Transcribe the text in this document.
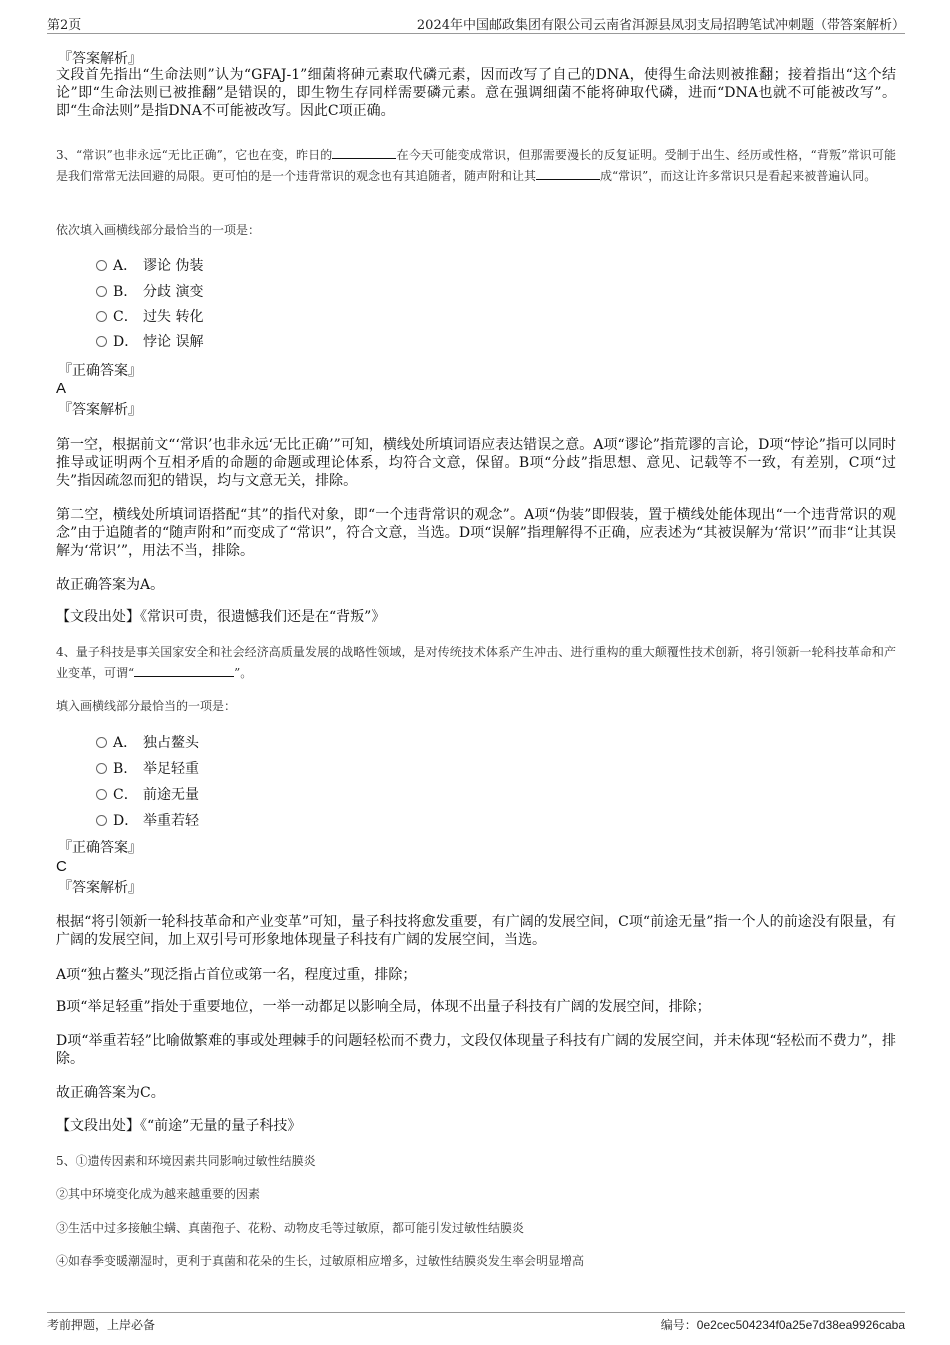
第2页	2024年中国邮政集团有限公司云南省洱源县凤羽支局招聘笔试冲刺题（带答案解析）
『答案解析』
文段首先指出“生命法则”认为“GFAJ-1”细菌将砷元素取代磷元素，因而改写了自己的DNA，使得生命法则被推翻；接着指出“这个结论”即“生命法则已被推翻”是错误的，即生物生存同样需要磷元素。意在强调细菌不能将砷取代磷，进而“DNA也就不可能被改写”。即“生命法则”是指DNA不可能被改写。因此C项正确。
3、“常识”也非永远“无比正确”，它也在变，昨日的	在今天可能变成常识，但那需要漫长的反复证明。受制于出生、经历或性格，“背叛”常识可能是我们常常无法回避的局限。更可怕的是一个违背常识的观念也有其追随者，随声附和让其	成“常识”，而这让许多常识只是看起来被普遍认同。
依次填入画横线部分最恰当的一项是：
A． 谬论 伪装
B. 分歧 演变
C． 过失 转化
D． 悖论 误解
『正确答案』
A
『答案解析』
第一空，根据前文“‘常识’也非永远‘无比正确’”可知，横线处所填词语应表达错误之意。A项“谬论”指荒谬的言论，D项“悖论”指可以同时推导或证明两个互相矛盾的命题的命题或理论体系，均符合文意，保留。B项“分歧”指思想、意见、记载等不一致，有差别，C项“过失”指因疏忽而犯的错误，均与文意无关，排除。
第二空，横线处所填词语搭配“其”的指代对象，即“一个违背常识的观念”。A项“伪装”即假装，置于横线处能体现出“一个违背常识的观念”由于追随者的“随声附和”而变成了“常识”，符合文意，当选。D项“误解”指理解得不正确，应表述为“其被误解为‘常识’”而非“让其误解为‘常识’”，用法不当，排除。
故正确答案为A。
【文段出处】《常识可贵，很遗憾我们还是在“背叛”》
4、量子科技是事关国家安全和社会经济高质量发展的战略性领域，是对传统技术体系产生冲击、进行重构的重大颠覆性技术创新，将引领新一轮科技革命和产业变革，可谓“	”。
填入画横线部分最恰当的一项是：
A． 独占鳌头
B. 举足轻重
C． 前途无量
D． 举重若轻
『正确答案』
C
『答案解析』
根据“将引领新一轮科技革命和产业变革”可知，量子科技将愈发重要，有广阔的发展空间，C项“前途无量”指一个人的前途没有限量，有广阔的发展空间，加上双引号可形象地体现量子科技有广阔的发展空间，当选。
A项“独占鳌头”现泛指占首位或第一名，程度过重，排除；
B项“举足轻重”指处于重要地位，一举一动都足以影响全局，体现不出量子科技有广阔的发展空间，排除；
D项“举重若轻”比喻做繁难的事或处理棘手的问题轻松而不费力，文段仅体现量子科技有广阔的发展空间，并未体现“轻松而不费力”，排除。
故正确答案为C。
【文段出处】《“前途”无量的量子科技》
5、①遗传因素和环境因素共同影响过敏性结膜炎
②其中环境变化成为越来越重要的因素
③生活中过多接触尘螨、真菌孢子、花粉、动物皮毛等过敏原，都可能引发过敏性结膜炎
④如春季变暖潮湿时，更利于真菌和花朵的生长，过敏原相应增多，过敏性结膜炎发生率会明显增高
考前押题，上岸必备	编号：0e2cec504234f0a25e7d38ea9926caba
